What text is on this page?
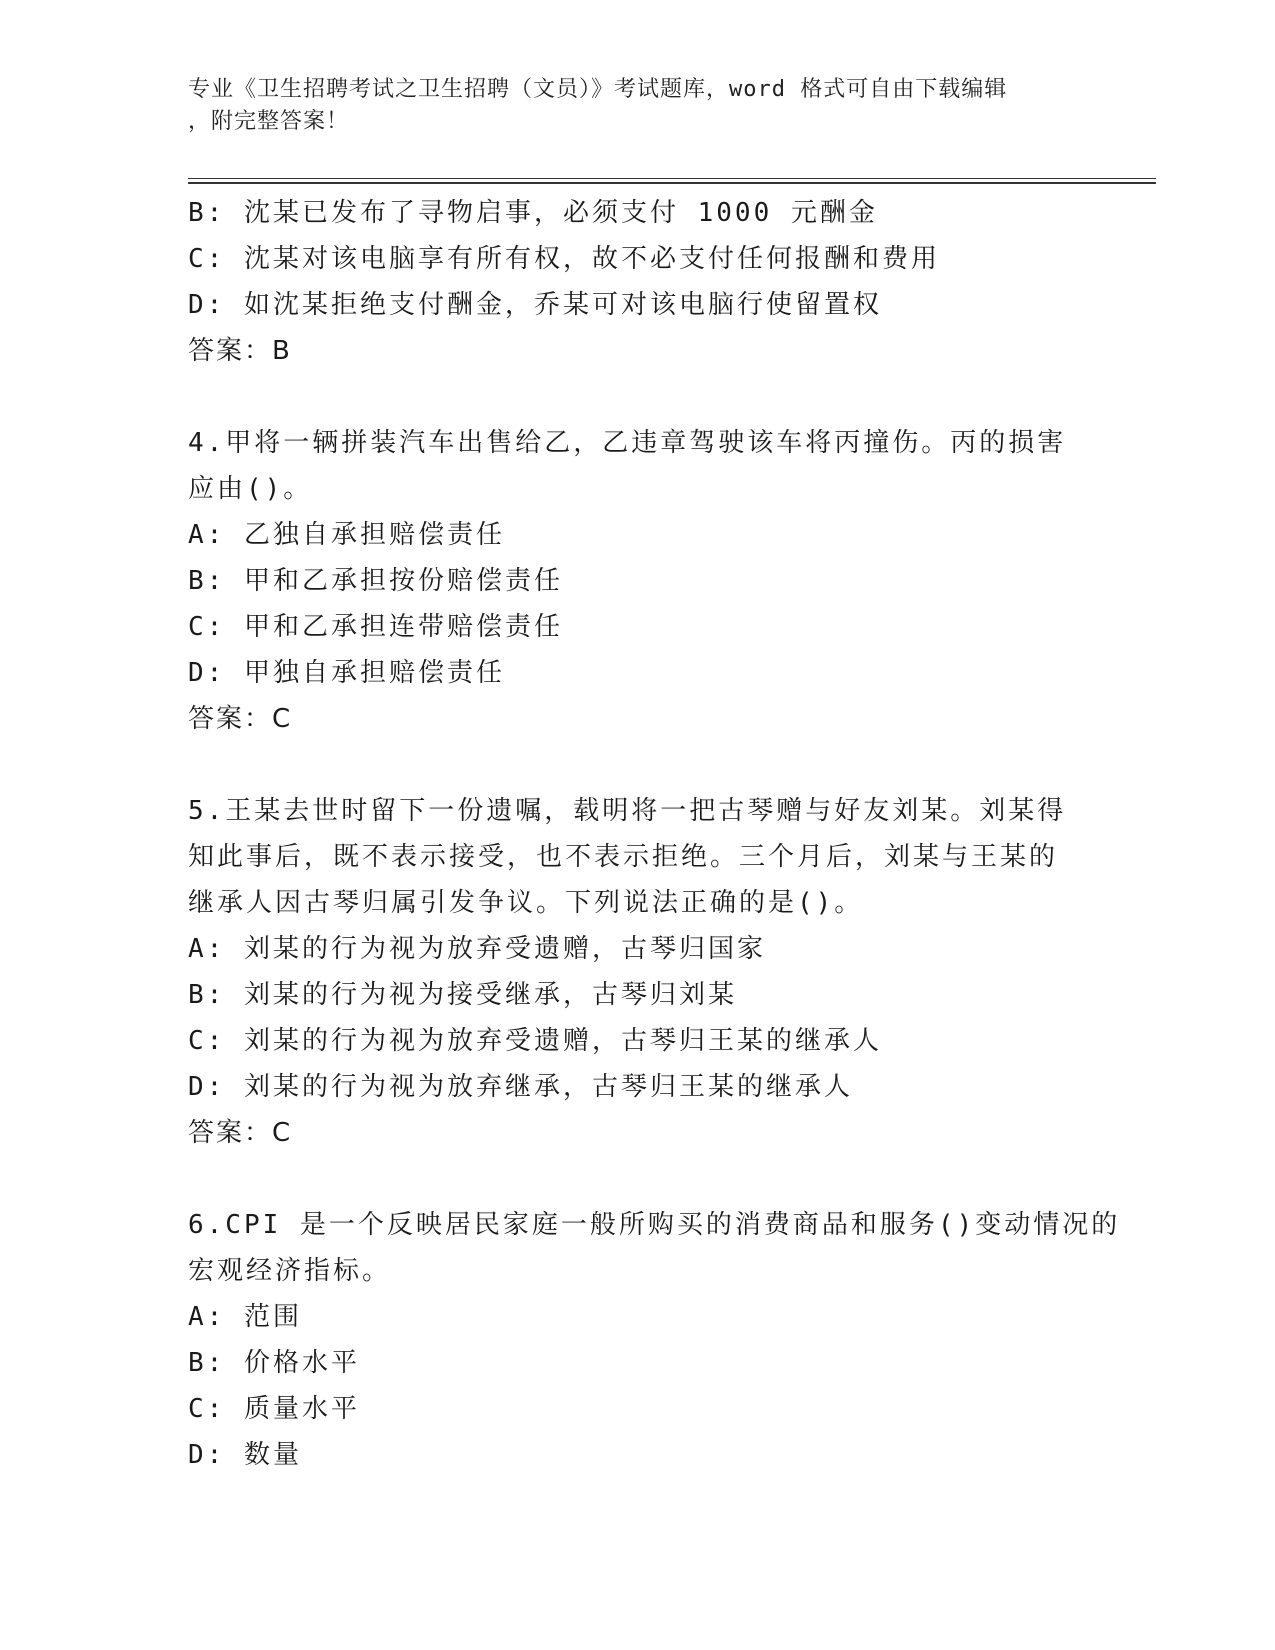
专业《卫生招聘考试之卫生招聘（文员）》考试题库，word 格式可自由下载编辑
，附完整答案！
B: 沈某已发布了寻物启事，必须支付 1000 元酬金
C: 沈某对该电脑享有所有权，故不必支付任何报酬和费用
D: 如沈某拒绝支付酬金，乔某可对该电脑行使留置权
答案：B
4.甲将一辆拼装汽车出售给乙，乙违章驾驶该车将丙撞伤。丙的损害
应由()。
A: 乙独自承担赔偿责任
B: 甲和乙承担按份赔偿责任
C: 甲和乙承担连带赔偿责任
D: 甲独自承担赔偿责任
答案：C
5.王某去世时留下一份遗嘱，载明将一把古琴赠与好友刘某。刘某得
知此事后，既不表示接受，也不表示拒绝。三个月后，刘某与王某的
继承人因古琴归属引发争议。下列说法正确的是()。
A: 刘某的行为视为放弃受遗赠，古琴归国家
B: 刘某的行为视为接受继承，古琴归刘某
C: 刘某的行为视为放弃受遗赠，古琴归王某的继承人
D: 刘某的行为视为放弃继承，古琴归王某的继承人
答案：C
6.CPI 是一个反映居民家庭一般所购买的消费商品和服务()变动情况的
宏观经济指标。
A: 范围
B: 价格水平
C: 质量水平
D: 数量
